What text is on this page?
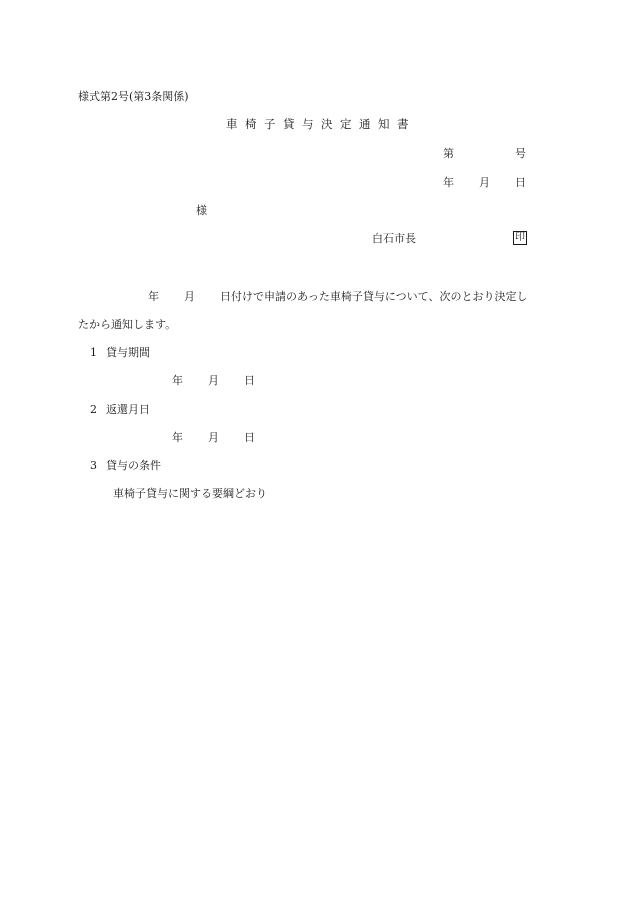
様式第2号(第3条関係)
車椅子貸与決定通知書
第	号
年 月 日
様
白石市長	印
年 月 日付けで申請のあった車椅子貸与について、次のとおり決定し
たから通知します。
1 貸与期間
年 月 日
2 返還月日
年 月 日
3 貸与の条件
車椅子貸与に関する要綱どおり
